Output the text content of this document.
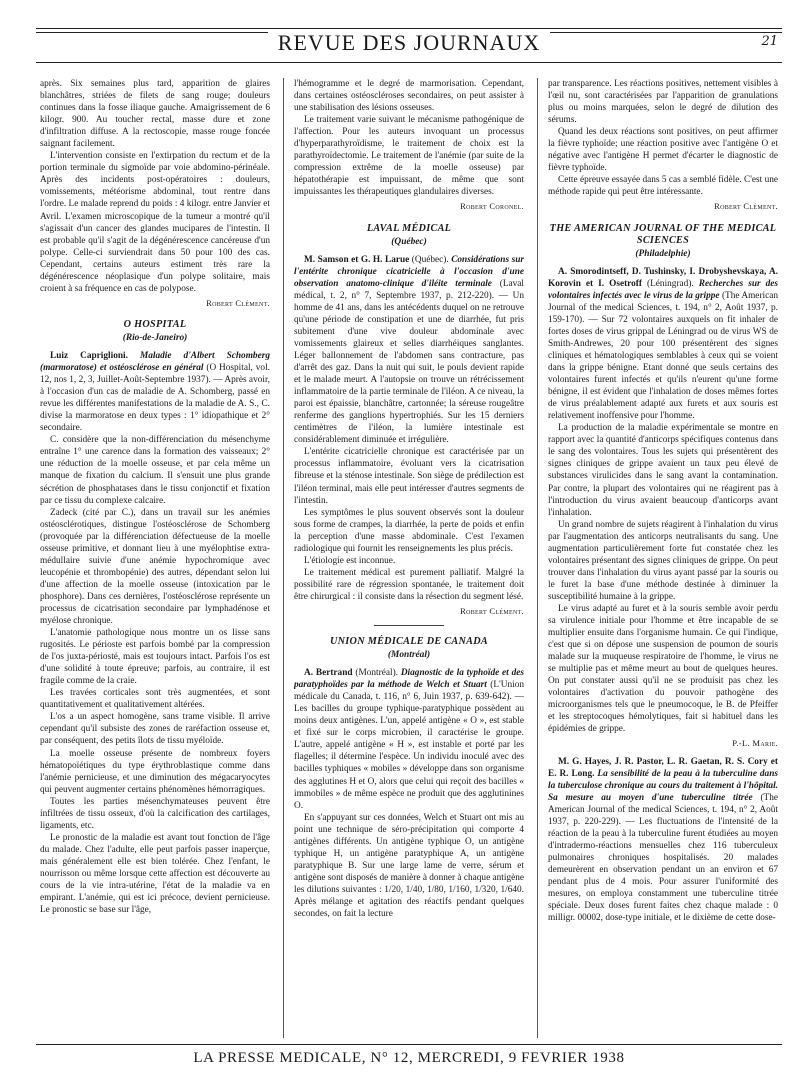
REVUE DES JOURNAUX	21

après. Six semaines plus tard, apparition de glaires blanchâtres, striées de filets de sang rouge; douleurs continues dans la fosse iliaque gauche. Amaigrissement de 6 kilogr. 900. Au toucher rectal, masse dure et zone d'infiltration diffuse. A la rectoscopie, masse rouge foncée saignant facilement.

L'intervention consiste en l'extirpation du rectum et de la portion terminale du sigmoïde par voie abdomino-périnéale. Après des incidents post-opératoires : douleurs, vomissements, météorisme abdominal, tout rentre dans l'ordre. Le malade reprend du poids : 4 kilogr. entre Janvier et Avril. L'examen microscopique de la tumeur a montré qu'il s'agissait d'un cancer des glandes mucipares de l'intestin. Il est probable qu'il s'agit de la dégénérescence cancéreuse d'un polype. Celle-ci surviendrait dans 50 pour 100 des cas. Cependant, certains auteurs estiment très rare la dégénérescence néoplasique d'un polype solitaire, mais croient à sa fréquence en cas de polypose.

Robert Clément.
O HOSPITAL
(Rio-de-Janeiro)

Luiz Capriglioni. Maladie d'Albert Schomberg (marmoratose) et ostéosclérose en général (O Hospital, vol. 12, nos 1, 2, 3, Juillet-Août-Septembre 1937). — Après avoir, à l'occasion d'un cas de maladie de A. Schomberg, passé en revue les différentes manifestations de la maladie de A. S., C. divise la marmoratose en deux types : 1° idiopathique et 2° secondaire.

C. considère que la non-différenciation du mésenchyme entraîne 1° une carence dans la formation des vaisseaux; 2° une réduction de la moelle osseuse, et par cela même un manque de fixation du calcium. Il s'ensuit une plus grande sécrétion de phosphatases dans le tissu conjonctif et fixation par ce tissu du complexe calcaire.

Zadeck (cité par C.), dans un travail sur les anémies ostéosclérotiques, distingue l'ostéosclérose de Schomberg (provoquée par la différenciation défectueuse de la moelle osseuse primitive, et donnant lieu à une myélophtise extra-médullaire suivie d'une anémie hypochromique avec leucopénie et thrombopénie) des autres, dépendant selon lui d'une affection de la moelle osseuse (intoxication par le phosphore). Dans ces dernières, l'ostéosclérose représente un processus de cicatrisation secondaire par lymphadénose et myélose chronique.

L'anatomie pathologique nous montre un os lisse sans rugosités. Le périoste est parfois bombé par la compression de l'os juxta-périosté, mais est toujours intact. Parfois l'os est d'une solidité à toute épreuve; parfois, au contraire, il est fragile comme de la craie.

Les travées corticales sont très augmentées, et sont quantitativement et qualitativement altérées.

L'os a un aspect homogène, sans trame visible. Il arrive cependant qu'il subsiste des zones de raréfaction osseuse et, par conséquent, des petits îlots de tissu myéloïde.

La moelle osseuse présente de nombreux foyers hématopoïétiques du type érythroblastique comme dans l'anémie pernicieuse, et une diminution des mégacaryocytes qui peuvent augmenter certains phénomènes hémorragiques.

Toutes les parties mésenchymateuses peuvent être infiltrées de tissu osseux, d'où la calcification des cartilages, ligaments, etc.

Le pronostic de la maladie est avant tout fonction de l'âge du malade. Chez l'adulte, elle peut parfois passer inaperçue, mais généralement elle est bien tolérée. Chez l'enfant, le nourrisson ou même lorsque cette affection est découverte au cours de la vie intra-utérine, l'état de la maladie va en empirant. L'anémie, qui est ici précoce, devient pernicieuse. Le pronostic se base sur l'âge,

l'hémogramme et le degré de marmorisation. Cependant, dans certaines ostéoscléroses secondaires, on peut assister à une stabilisation des lésions osseuses.

Le traitement varie suivant le mécanisme pathogénique de l'affection. Pour les auteurs invoquant un processus d'hyperparathyroïdisme, le traitement de choix est la parathyroïdectomie. Le traitement de l'anémie (par suite de la compression extrême de la moelle osseuse) par hépatothérapie est impuissant, de même que sont impuissantes les thérapeutiques glandulaires diverses.

Robert Coronel.
LAVAL MÉDICAL
(Québec)

M. Samson et G. H. Larue (Québec). Considérations sur l'entérite chronique cicatricielle à l'occasion d'une observation anatomo-clinique d'iléite terminale (Laval médical, t. 2, n° 7, Septembre 1937, p. 212-220). — Un homme de 41 ans, dans les antécédents duquel on ne retrouve qu'une période de constipation et une de diarrhée, fut pris subitement d'une vive douleur abdominale avec vomissements glaireux et selles diarrhéiques sanglantes. Léger ballonnement de l'abdomen sans contracture, pas d'arrêt des gaz. Dans la nuit qui suit, le pouls devient rapide et le malade meurt. A l'autopsie on trouve un rétrécissement inflammatoire de la partie terminale de l'iléon. A ce niveau, la paroi est épaissie, blanchâtre, cartonnée; la séreuse rougeâtre renferme des ganglions hypertrophiés. Sur les 15 derniers centimètres de l'iléon, la lumière intestinale est considérablement diminuée et irrégulière.

L'entérite cicatricielle chronique est caractérisée par un processus inflammatoire, évoluant vers la cicatrisation fibreuse et la sténose intestinale. Son siège de prédilection est l'iléon terminal, mais elle peut intéresser d'autres segments de l'intestin.

Les symptômes le plus souvent observés sont la douleur sous forme de crampes, la diarrhée, la perte de poids et enfin la perception d'une masse abdominale. C'est l'examen radiologique qui fournit les renseignements les plus précis.

L'étiologie est inconnue.

Le traitement médical est purement palliatif. Malgré la possibilité rare de régression spontanée, le traitement doit être chirurgical : il consiste dans la résection du segment lésé.

Robert Clément.
UNION MÉDICALE DE CANADA
(Montréal)

A. Bertrand (Montréal). Diagnostic de la typhoïde et des paratyphoïdes par la méthode de Welch et Stuart (L'Union médicale du Canada, t. 116, n° 6, Juin 1937, p. 639-642). — Les bacilles du groupe typhique-paratyphique possèdent au moins deux antigènes. L'un, appelé antigène « O », est stable et fixé sur le corps microbien, il caractérise le groupe. L'autre, appelé antigène « H », est instable et porté par les flagelles; il détermine l'espèce. Un individu inoculé avec des bacilles typhiques « mobiles » développe dans son organisme des agglutines H et O, alors que celui qui reçoit des bacilles « immobiles » de même espèce ne produit que des agglutinines O.

En s'appuyant sur ces données, Welch et Stuart ont mis au point une technique de séro-précipitation qui comporte 4 antigènes différents. Un antigène typhique O, un antigène typhique H, un antigène paratyphique A, un antigène paratyphique B. Sur une large lame de verre, sérum et antigène sont disposés de manière à donner à chaque antigène les dilutions suivantes : 1/20, 1/40, 1/80, 1/160, 1/320, 1/640. Après mélange et agitation des réactifs pendant quelques secondes, on fait la lecture

par transparence. Les réactions positives, nettement visibles à l'œil nu, sont caractérisées par l'apparition de granulations plus ou moins marquées, selon le degré de dilution des sérums.

Quand les deux réactions sont positives, on peut affirmer la fièvre typhoïde; une réaction positive avec l'antigène O et négative avec l'antigène H permet d'écarter le diagnostic de fièvre typhoïde.

Cette épreuve essayée dans 5 cas a semblé fidèle. C'est une méthode rapide qui peut être intéressante.

Robert Clément.
THE AMERICAN JOURNAL OF THE MEDICAL SCIENCES
(Philadelphie)

A. Smorodintseff, D. Tushinsky, I. Drobyshevskaya, A. Korovin et I. Osetroff (Léningrad). Recherches sur des volontaires infectés avec le virus de la grippe (The American Journal of the medical Sciences, t. 194, n° 2, Août 1937, p. 159-170). — Sur 72 volontaires auxquels on fit inhaler de fortes doses de virus grippal de Léningrad ou de virus WS de Smith-Andrewes, 20 pour 100 présentèrent des signes cliniques et hématologiques semblables à ceux qui se voient dans la grippe bénigne. Etant donné que seuls certains des volontaires furent infectés et qu'ils n'eurent qu'une forme bénigne, il est évident que l'inhalation de doses mêmes fortes de virus préalablement adapté aux furets et aux souris est relativement inoffensive pour l'homme.

La production de la maladie expérimentale se montre en rapport avec la quantité d'anticorps spécifiques contenus dans le sang des volontaires. Tous les sujets qui présentèrent des signes cliniques de grippe avaient un taux peu élevé de substances virulicides dans le sang avant la contamination. Par contre, la plupart des volontaires qui ne réagirent pas à l'introduction du virus avaient beaucoup d'anticorps avant l'inhalation.

Un grand nombre de sujets réagirent à l'inhalation du virus par l'augmentation des anticorps neutralisants du sang. Une augmentation particulièrement forte fut constatée chez les volontaires présentant des signes cliniques de grippe. On peut trouver dans l'inhalation du virus ayant passé par la souris ou le furet la base d'une méthode destinée à diminuer la susceptibilité humaine à la grippe.

Le virus adapté au furet et à la souris semble avoir perdu sa virulence initiale pour l'homme et être incapable de se multiplier ensuite dans l'organisme humain. Ce qui l'indique, c'est que si on dépose une suspension de poumon de souris malade sur la muqueuse respiratoire de l'homme, le virus ne se multiplie pas et même meurt au bout de quelques heures. On put constater aussi qu'il ne se produisit pas chez les volontaires d'activation du pouvoir pathogène des microorganismes tels que le pneumocoque, le B. de Pfeiffer et les streptocoques hémolytiques, fait si habituel dans les épidémies de grippe.

P.-L. Marie.

M. G. Hayes, J. R. Pastor, L. R. Gaetan, R. S. Cory et E. R. Long. La sensibilité de la peau à la tuberculine dans la tuberculose chronique au cours du traitement à l'hôpital. Sa mesure au moyen d'une tuberculine titrée (The American Journal of the medical Sciences, t. 194, n° 2, Août 1937, p. 220-229). — Les fluctuations de l'intensité de la réaction de la peau à la tuberculine furent étudiées au moyen d'intradermo-réactions mensuelles chez 116 tuberculeux pulmonaires chroniques hospitalisés. 20 malades demeurèrent en observation pendant un an environ et 67 pendant plus de 4 mois. Pour assurer l'uniformité des mesures, on employa constamment une tuberculine titrée spéciale. Deux doses furent faites chez chaque malade : 0 milligr. 00002, dose-type initiale, et le dixième de cette dose-

LA PRESSE MEDICALE, N° 12, MERCREDI, 9 FEVRIER 1938
